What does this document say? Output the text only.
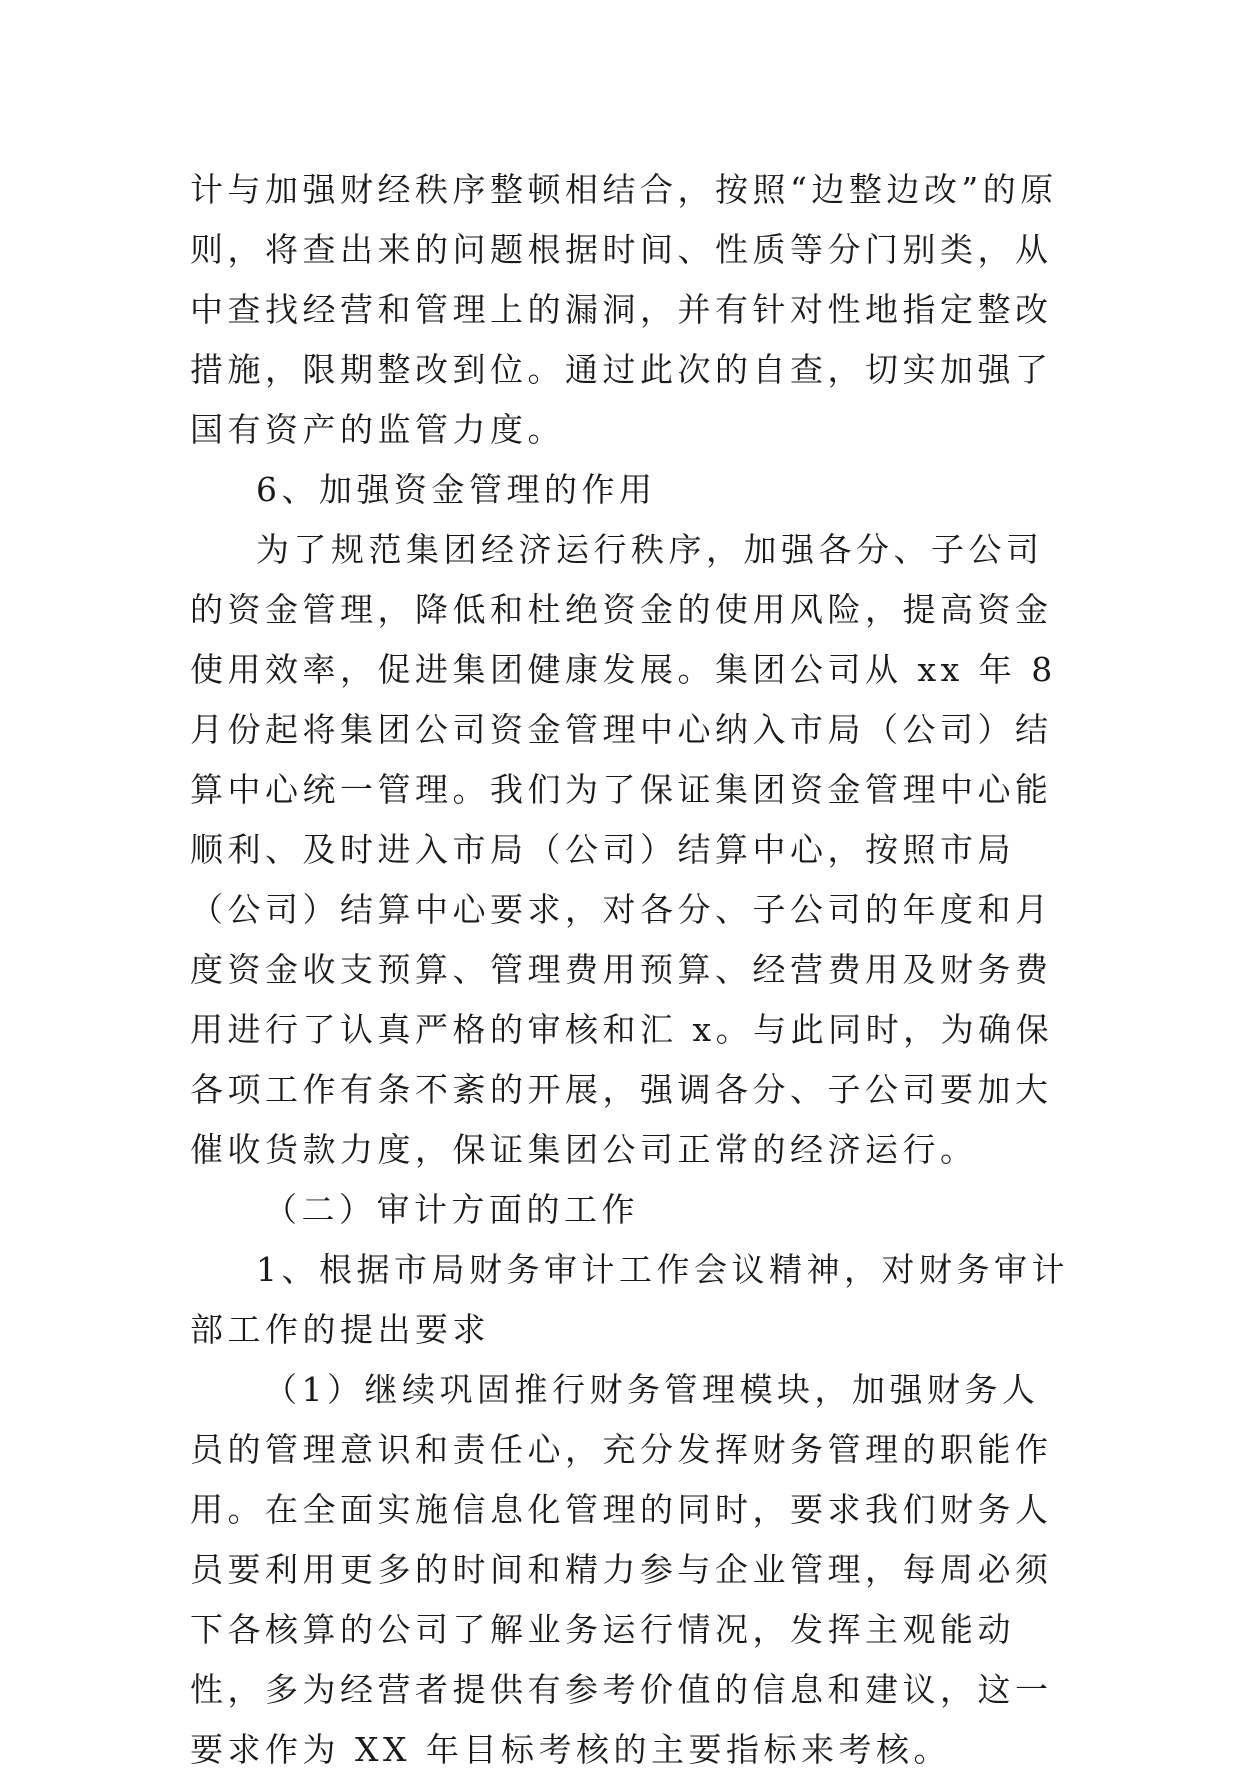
计与加强财经秩序整顿相结合，按照“边整边改”的原则，将查出来的问题根据时间、性质等分门别类，从中查找经营和管理上的漏洞，并有针对性地指定整改措施，限期整改到位。通过此次的自查，切实加强了国有资产的监管力度。

6、加强资金管理的作用

为了规范集团经济运行秩序，加强各分、子公司的资金管理，降低和杜绝资金的使用风险，提高资金使用效率，促进集团健康发展。集团公司从 xx 年 8 月份起将集团公司资金管理中心纳入市局（公司）结算中心统一管理。我们为了保证集团资金管理中心能顺利、及时进入市局（公司）结算中心，按照市局（公司）结算中心要求，对各分、子公司的年度和月度资金收支预算、管理费用预算、经营费用及财务费用进行了认真严格的审核和汇 x。与此同时，为确保各项工作有条不紊的开展，强调各分、子公司要加大催收货款力度，保证集团公司正常的经济运行。

（二）审计方面的工作

1、根据市局财务审计工作会议精神，对财务审计部工作的提出要求

（1）继续巩固推行财务管理模块，加强财务人员的管理意识和责任心，充分发挥财务管理的职能作用。在全面实施信息化管理的同时，要求我们财务人员要利用更多的时间和精力参与企业管理，每周必须下各核算的公司了解业务运行情况，发挥主观能动性，多为经营者提供有参考价值的信息和建议，这一要求作为 XX 年目标考核的主要指标来考核。
